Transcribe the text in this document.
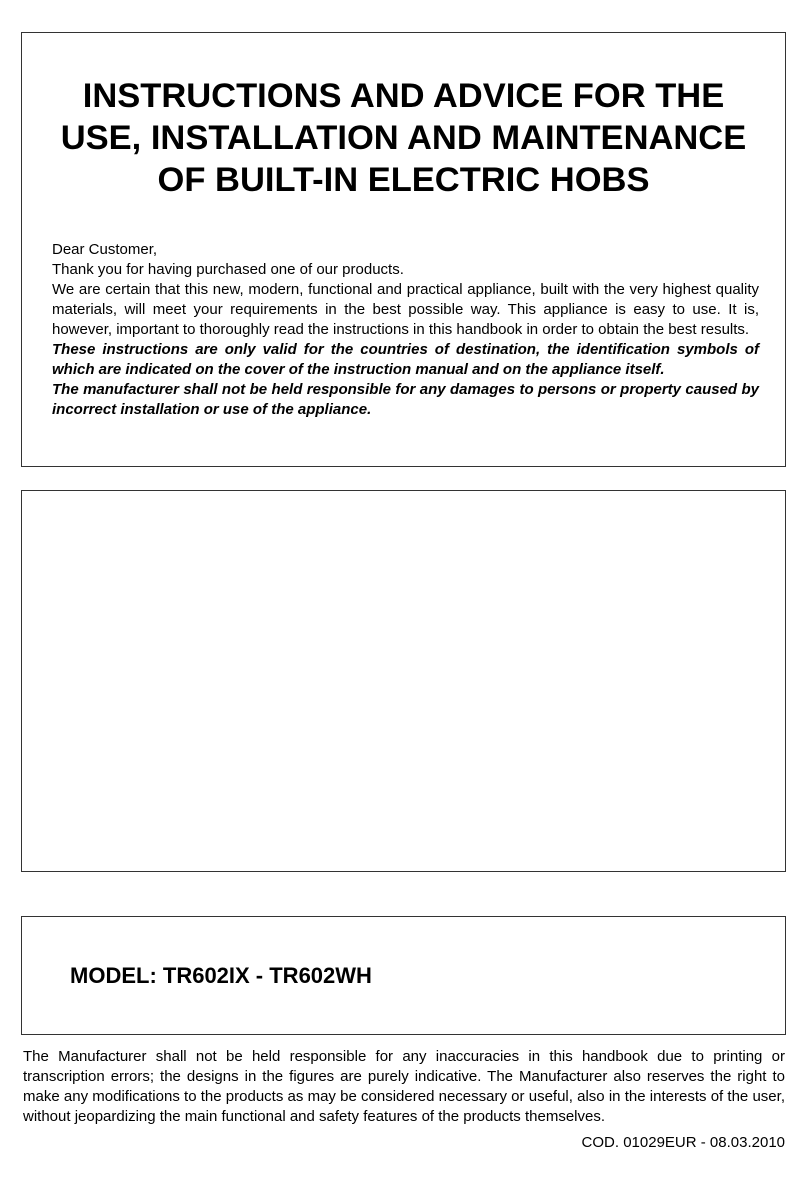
INSTRUCTIONS AND ADVICE FOR THE
USE, INSTALLATION AND MAINTENANCE
OF BUILT-IN ELECTRIC HOBS

Dear Customer,

Thank you for having purchased one of our products.

We are certain that this new, modern, functional and practical appliance, built with the very highest quality materials, will meet your requirements in the best possible way. This appliance is easy to use. It is, however, important to thoroughly read the instructions in this handbook in order to obtain the best results.

These instructions are only valid for the countries of destination, the identification symbols of which are indicated on the cover of the instruction manual and on the appliance itself.

The manufacturer shall not be held responsible for any damages to persons or property caused by incorrect installation or use of the appliance.

MODEL: TR602IX - TR602WH
The Manufacturer shall not be held responsible for any inaccuracies in this handbook due to printing or transcription errors; the designs in the figures are purely indicative. The Manufacturer also reserves the right to make any modifications to the products as may be considered necessary or useful, also in the interests of the user, without jeopardizing the main functional and safety features of the products themselves.
COD. 01029EUR - 08.03.2010
